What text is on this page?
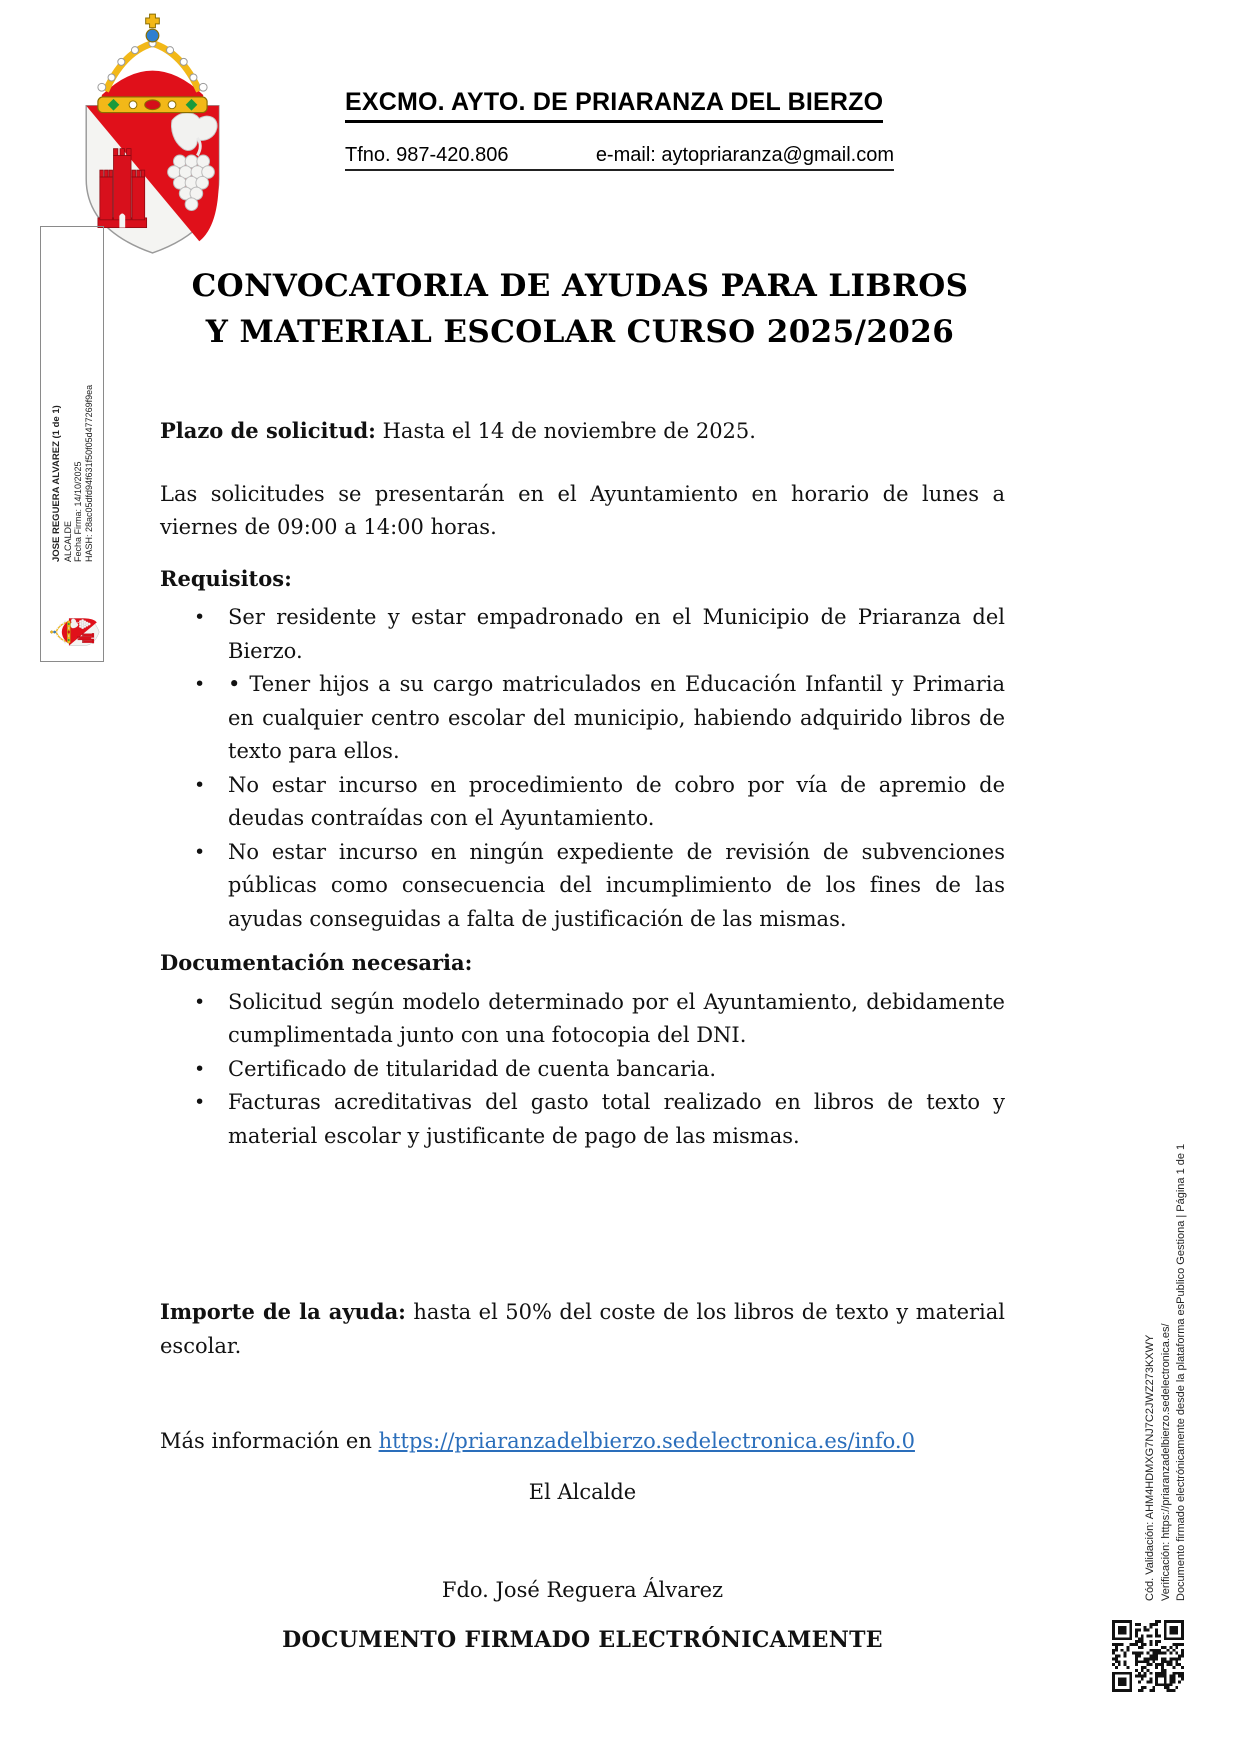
EXCMO. AYTO. DE PRIARANZA DEL BIERZO
Tfno. 987-420.806	e-mail: aytopriaranza@gmail.com
CONVOCATORIA DE AYUDAS PARA LIBROS
Y MATERIAL ESCOLAR CURSO 2025/2026

Plazo de solicitud: Hasta el 14 de noviembre de 2025.

Las solicitudes se presentarán en el Ayuntamiento en horario de lunes a viernes de 09:00 a 14:00 horas.

Requisitos:

•	Ser residente y estar empadronado en el Municipio de Priaranza del Bierzo.
•	• Tener hijos a su cargo matriculados en Educación Infantil y Primaria en cualquier centro escolar del municipio, habiendo adquirido libros de texto para ellos.
•	No estar incurso en procedimiento de cobro por vía de apremio de deudas contraídas con el Ayuntamiento.
•	No estar incurso en ningún expediente de revisión de subvenciones públicas como consecuencia del incumplimiento de los fines de las ayudas conseguidas a falta de justificación de las mismas.

Documentación necesaria:

•	Solicitud según modelo determinado por el Ayuntamiento, debidamente cumplimentada junto con una fotocopia del DNI.
•	Certificado de titularidad de cuenta bancaria.
•	Facturas acreditativas del gasto total realizado en libros de texto y material escolar y justificante de pago de las mismas.

Importe de la ayuda: hasta el 50% del coste de los libros de texto y material escolar.

Más información en https://priaranzadelbierzo.sedelectronica.es/info.0

El Alcalde

Fdo. José Reguera Álvarez

DOCUMENTO FIRMADO ELECTRÓNICAMENTE

JOSE REGUERA ALVAREZ (1 de 1) ALCALDE Fecha Firma: 14/10/2025 HASH: 28ac05dfd94f631f50f05d477269f9ea
Cód. Validación: AHM4HDMXG7NJ7C2JWZ273KXWY Verificación: https://priaranzadelbierzo.sedelectronica.es/ Documento firmado electrónicamente desde la plataforma esPublico Gestiona | Página 1 de 1
